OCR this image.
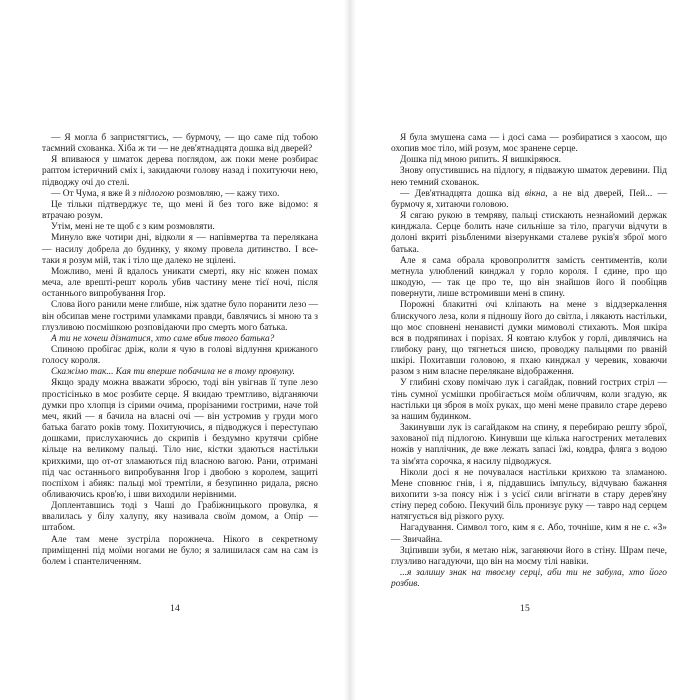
— Я могла б запристягтись, — бурмочу, — що саме під тобою таємний схованка. Хіба ж ти — не дев'ятнадцята дошка від дверей?

Я впиваюся у шматок дерева поглядом, аж поки мене розбирає раптом істеричний сміх і, закидаючи голову назад і похитуючи нею, підводжу очі до стелі.

— От Чума, я вже й з підлогою розмовляю, — кажу тихо.

Це тільки підтверджує те, що мені й без того вже відомо: я втрачаю розум.

Утім, мені не те щоб є з ким розмовляти.

Минуло вже чотири дні, відколи я — напівмертва та перелякана — насилу добрела до будинку, у якому провела дитинство. І все-таки я розум мій, так і тіло ще далеко не зцілені.

Можливо, мені й вдалось уникати смерті, яку ніс кожен помах меча, але врешті-решт король убив частину мене тієї ночі, після останнього випробування Ігор.

Слова його ранили мене глибше, ніж здатне було поранити лезо — він обсипав мене гострими уламками правди, бавлячись зі мною та з глузливою посмішкою розповідаючи про смерть мого батька.

А ти не хочеш дізнатися, хто саме вбив твого батька?

Спиною пробігає дріж, коли я чую в голові відлуння крижаного голосу короля.

Скажімо так... Кая ти вперше побачила не в тому провулку.

Якщо зраду можна вважати зброєю, тоді він увігнав її тупе лезо простісінько в моє розбите серце. Я вкидаю тремтливо, відганяючи думки про хлопця із сірими очима, прорізаними гострими, наче той меч, який — я бачила на власні очі — він устромив у груди мого батька багато років тому. Похитуючись, я підводжуся і переступаю дошками, прислухаючись до скрипів і бездумно крутячи срібне кільце на великому пальці. Тіло ниє, кістки здаються настільки крихкими, що от-от зламаються під власною вагою. Рани, отримані під час останнього випробування Ігор і двобою з королем, защиті поспіхом і абияк: пальці мої тремтіли, я безупинно ридала, рясно обливаючись кров'ю, і шви виходили нерівними.

Доплентавшись тоді з Чаші до Грабіжницького провулка, я ввалилась у білу халупу, яку називала своїм домом, а Опір — штабом.

Але там мене зустріла порожнеча. Нікого в секретному приміщенні під моїми ногами не було; я залишилася сам на сам із болем і спантеличенням.

14

Я була змушена сама — і досі сама — розбиратися з хаосом, що охопив моє тіло, мій розум, моє зранене серце.

Дошка під мною рипить. Я вишкіряюся.

Знову опустившись на підлогу, я підважую шматок деревини. Під нею темний схованок.

— Дев'ятнадцята дошка від вікна, а не від дверей, Пей... — бурмочу я, хитаючи головою.

Я сягаю рукою в темряву, пальці стискають незнайомий держак кинджала. Серце болить наче сильніше за тіло, прагучи відчути в долоні вкриті різьбленими візерунками сталеве руків'я зброї мого батька.

Але я сама обрала кровопролиття замість сентиментів, коли метнула улюблений кинджал у горло короля. І єдине, про що шкодую, — так це про те, що він знайшов його й пообіцяв повернути, лише встромивши мені в спину.

Порожні блакитні очі кліпають на мене з віддзеркалення блискучого леза, коли я підношу його до світла, і лякають настільки, що моє сповнені ненависті думки мимоволі стихають. Моя шкіра вся в подряпинах і порізах. Я ковтаю клубок у горлі, дивлячись на глибоку рану, що тягнеться шиєю, проводжу пальцями по рваній шкірі. Похитавши головою, я пхаю кинджал у черевик, ховаючи разом з ним власне перелякане відображення.

У глибині схову помічаю лук і сагайдак, повний гострих стріл — тінь сумної усмішки пробігається моїм обличчям, коли згадую, як настільки ця зброя в моїх руках, що мені мене правило старе дерево за нашим будинком.

Закинувши лук із сагайдаком на спину, я перебираю решту зброї, захованої під підлогою. Кинувши ще кілька нагострених металевих ножів у наплічник, де вже лежать запасі їжі, ковдра, фляга з водою та зім'ята сорочка, я насилу підводжуся.

Ніколи досі я не почувалася настільки крихкою та зламаною. Мене сповнює гнів, і я, піддавшись імпульсу, відчуваю бажання вихопити з-за поясу ніж і з усієї сили вгігнати в стару дерев'яну стіну перед собою. Пекучий біль пронизує руку — тавро над серцем натягується від різкого руху.

Нагадування. Символ того, ким я є. Або, точніше, ким я не є. «З» — Звичайна.

Зціпивши зуби, я метаю ніж, заганяючи його в стіну. Шрам пече, глузливо нагадуючи, що він на моєму тілі навіки.

...я залишу знак на твоєму серці, аби ти не забула, хто його розбив.

15
